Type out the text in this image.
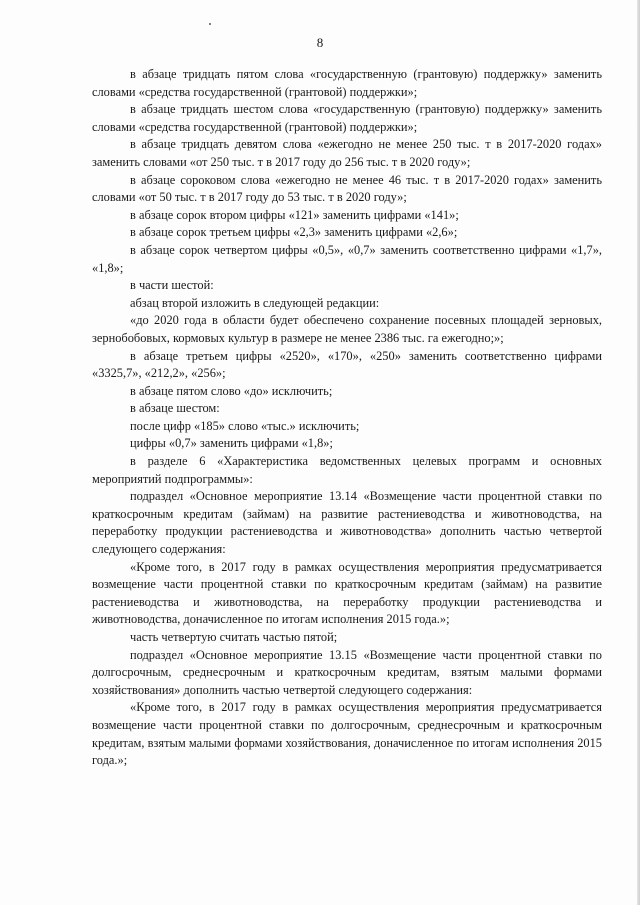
8

в абзаце тридцать пятом слова «государственную (грантовую) поддержку» заменить словами «средства государственной (грантовой) поддержки»;

в абзаце тридцать шестом слова «государственную (грантовую) поддержку» заменить словами «средства государственной (грантовой) поддержки»;

в абзаце тридцать девятом слова «ежегодно не менее 250 тыс. т в 2017-2020 годах» заменить словами «от 250 тыс. т в 2017 году до 256 тыс. т в 2020 году»;

в абзаце сороковом слова «ежегодно не менее 46 тыс. т в 2017-2020 годах» заменить словами «от 50 тыс. т в 2017 году до 53 тыс. т в 2020 году»;

в абзаце сорок втором цифры «121» заменить цифрами «141»;

в абзаце сорок третьем цифры «2,3» заменить цифрами «2,6»;

в абзаце сорок четвертом цифры «0,5», «0,7» заменить соответственно цифрами «1,7», «1,8»;

в части шестой:

абзац второй изложить в следующей редакции:

«до 2020 года в области будет обеспечено сохранение посевных площадей зерновых, зернобобовых, кормовых культур в размере не менее 2386 тыс. га ежегодно;»;

в абзаце третьем цифры «2520», «170», «250» заменить соответственно цифрами «3325,7», «212,2», «256»;

в абзаце пятом слово «до» исключить;

в абзаце шестом:

после цифр «185» слово «тыс.» исключить;

цифры «0,7» заменить цифрами «1,8»;

в разделе 6 «Характеристика ведомственных целевых программ и основных мероприятий подпрограммы»:

подраздел «Основное мероприятие 13.14 «Возмещение части процентной ставки по краткосрочным кредитам (займам) на развитие растениеводства и животноводства, на переработку продукции растениеводства и животноводства» дополнить частью четвертой следующего содержания:

«Кроме того, в 2017 году в рамках осуществления мероприятия предусматривается возмещение части процентной ставки по краткосрочным кредитам (займам) на развитие растениеводства и животноводства, на переработку продукции растениеводства и животноводства, доначисленное по итогам исполнения 2015 года.»;

часть четвертую считать частью пятой;

подраздел «Основное мероприятие 13.15 «Возмещение части процентной ставки по долгосрочным, среднесрочным и краткосрочным кредитам, взятым малыми формами хозяйствования» дополнить частью четвертой следующего содержания:

«Кроме того, в 2017 году в рамках осуществления мероприятия предусматривается возмещение части процентной ставки по долгосрочным, среднесрочным и краткосрочным кредитам, взятым малыми формами хозяйствования, доначисленное по итогам исполнения 2015 года.»;
